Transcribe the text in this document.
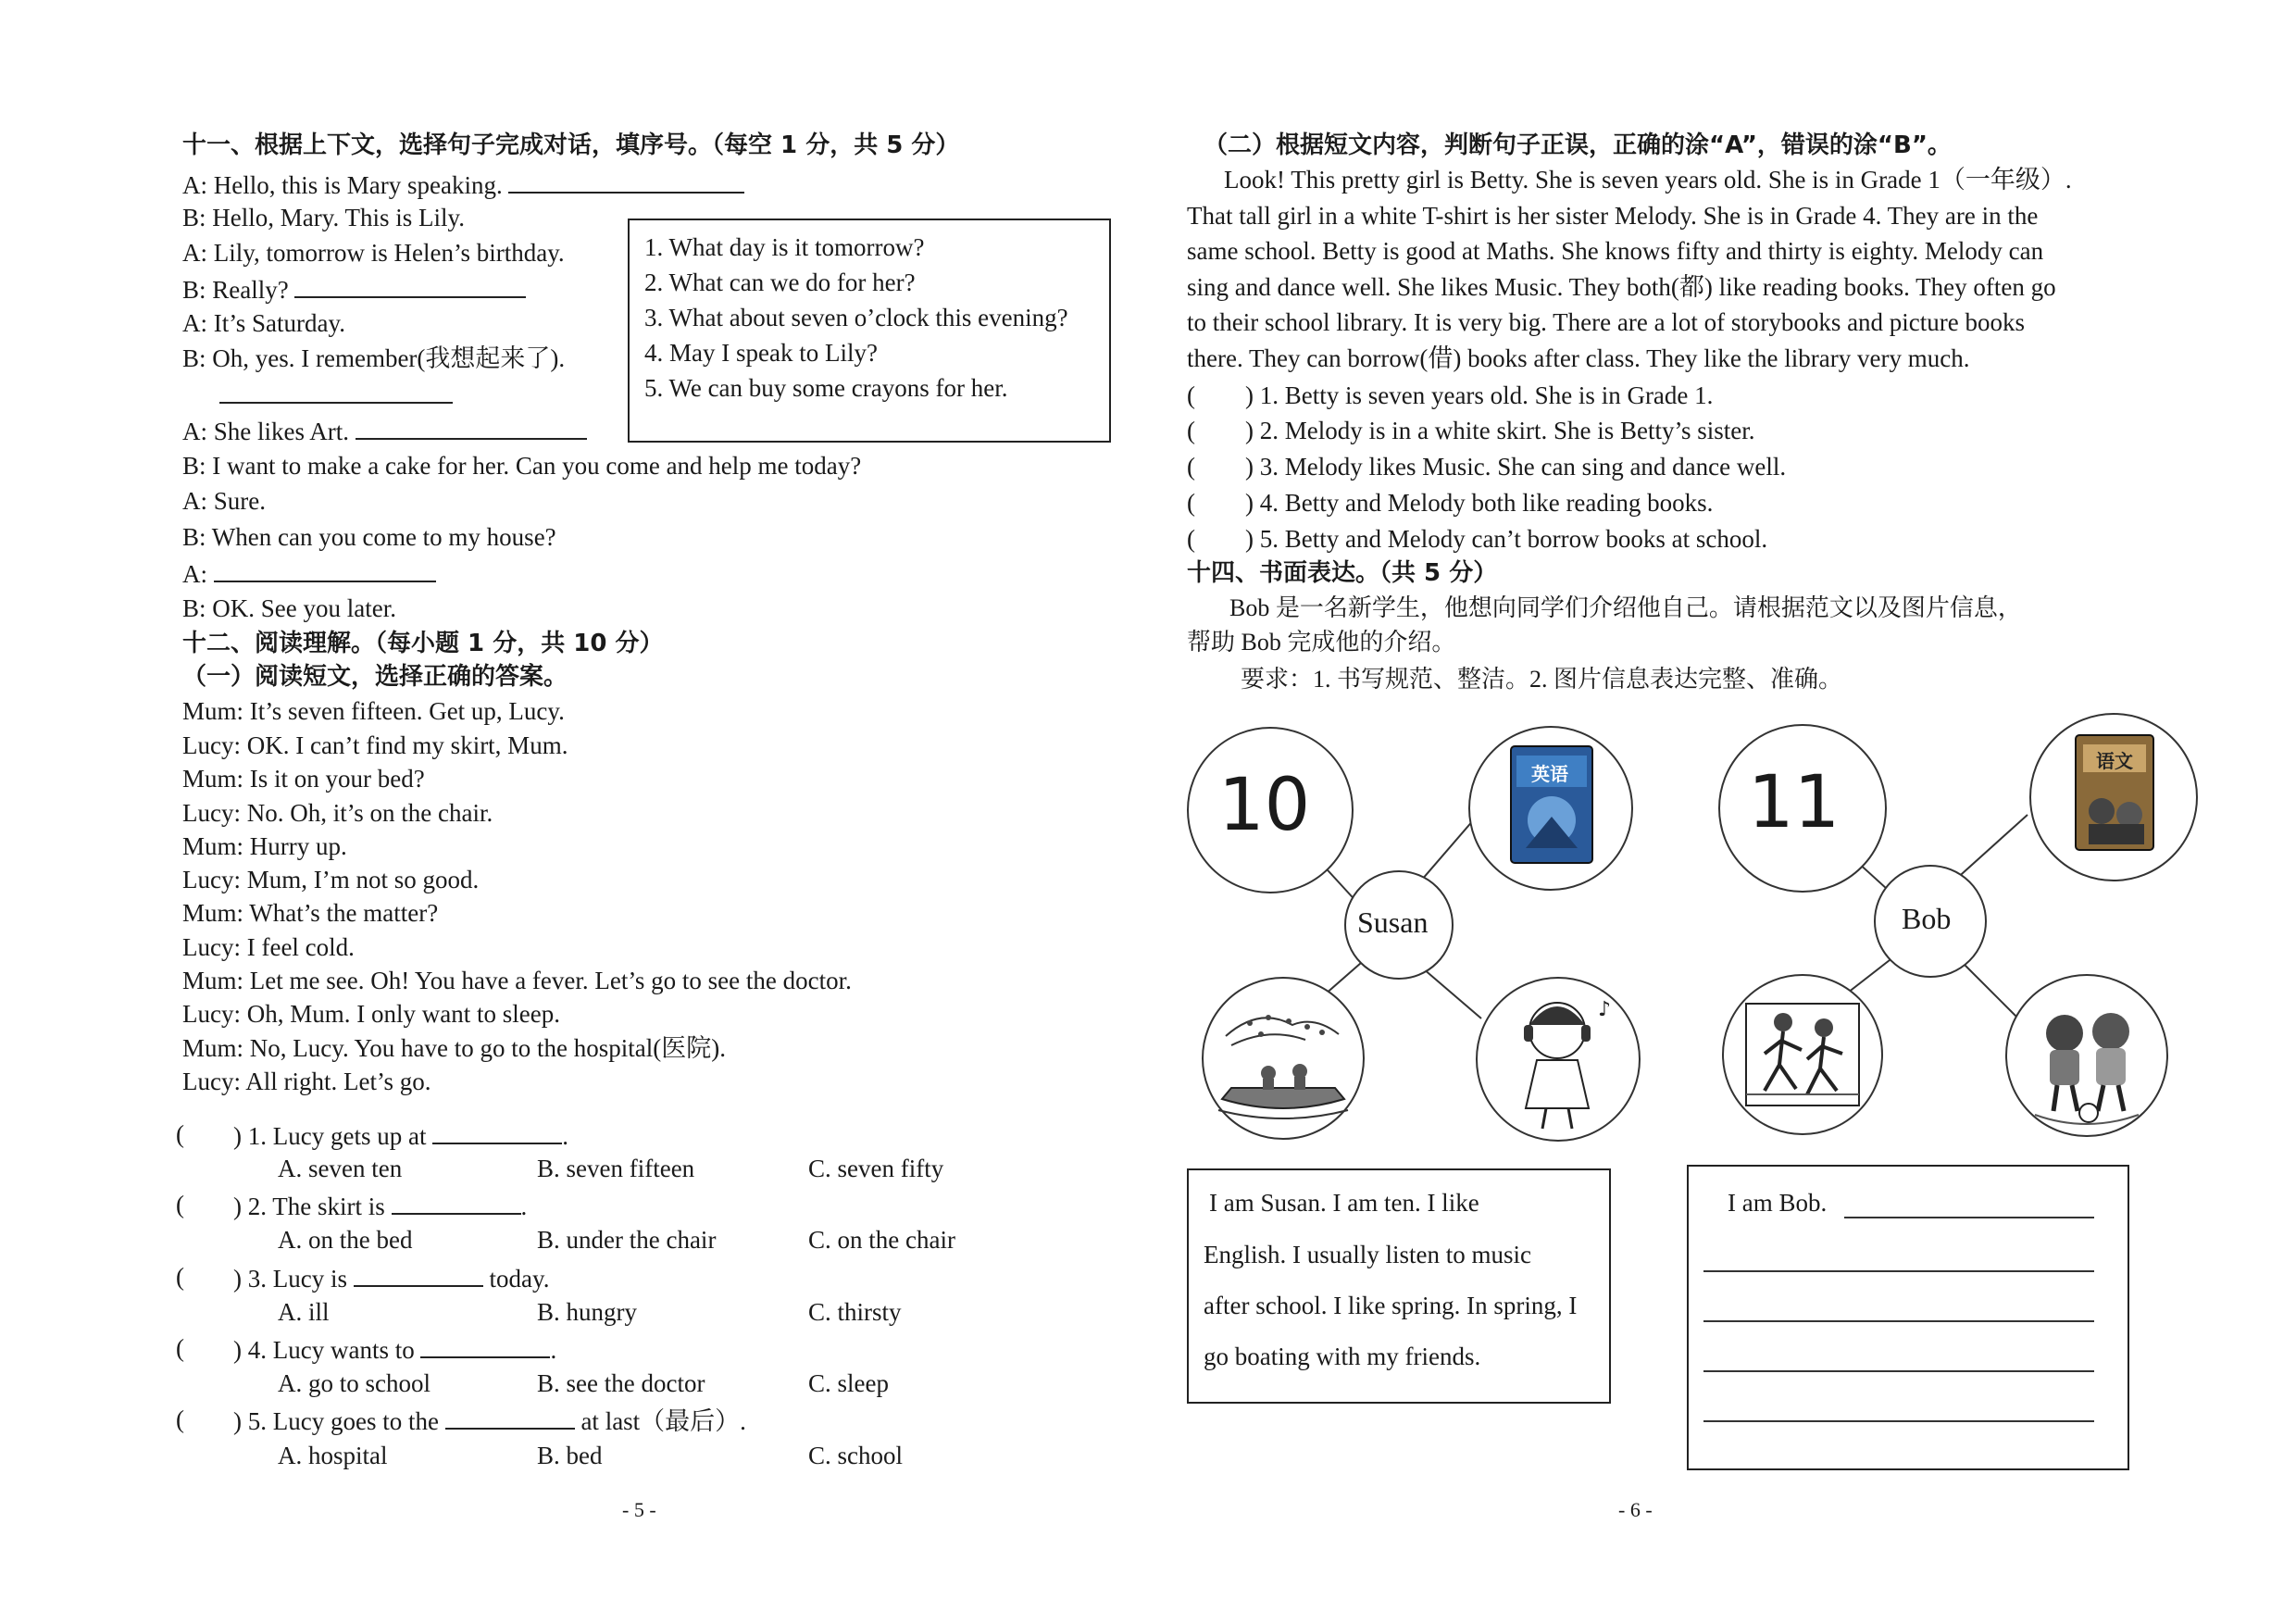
十一、根据上下文，选择句子完成对话，填序号。（每空 1 分，共 5 分）
A: Hello, this is Mary speaking.
B: Hello, Mary. This is Lily.
A: Lily, tomorrow is Helen’s birthday.
B: Really?
A: It’s Saturday.
B: Oh, yes. I remember(我想起来了).
A: She likes Art.
B: I want to make a cake for her. Can you come and help me today?
A: Sure.
B: When can you come to my house?
A:
B: OK. See you later.
1. What day is it tomorrow?
2. What can we do for her?
3. What about seven o’clock this evening?
4. May I speak to Lily?
5. We can buy some crayons for her.
十二、阅读理解。（每小题 1 分，共 10 分）
（一）阅读短文，选择正确的答案。
Mum: It’s seven fifteen. Get up, Lucy.
Lucy: OK. I can’t find my skirt, Mum.
Mum: Is it on your bed?
Lucy: No. Oh, it’s on the chair.
Mum: Hurry up.
Lucy: Mum, I’m not so good.
Mum: What’s the matter?
Lucy: I feel cold.
Mum: Let me see. Oh! You have a fever. Let’s go to see the doctor.
Lucy: Oh, Mum. I only want to sleep.
Mum: No, Lucy. You have to go to the hospital(医院).
Lucy: All right. Let’s go.
( ) 1. Lucy gets up at	.
A. seven ten	B. seven fifteen	C. seven fifty
( ) 2. The skirt is	.
A. on the bed	B. under the chair	C. on the chair
( ) 3. Lucy is	today.
A. ill	B. hungry	C. thirsty
( ) 4. Lucy wants to	.
A. go to school	B. see the doctor	C. sleep
( ) 5. Lucy goes to the	at last（最后）.
A. hospital	B. bed	C. school
- 5 -
（二）根据短文内容，判断句子正误，正确的涂“A”，错误的涂“B”。
Look! This pretty girl is Betty. She is seven years old. She is in Grade 1（一年级）.
That tall girl in a white T-shirt is her sister Melody. She is in Grade 4. They are in the
same school. Betty is good at Maths. She knows fifty and thirty is eighty. Melody can
sing and dance well. She likes Music. They both(都) like reading books. They often go
to their school library. It is very big. There are a lot of storybooks and picture books
there. They can borrow(借) books after class. They like the library very much.
(　　) 1. Betty is seven years old. She is in Grade 1.
(　　) 2. Melody is in a white skirt. She is Betty’s sister.
(　　) 3. Melody likes Music. She can sing and dance well.
(　　) 4. Betty and Melody both like reading books.
(　　) 5. Betty and Melody can’t borrow books at school.
十四、书面表达。（共 5 分）
Bob 是一名新学生，他想向同学们介绍他自己。请根据范文以及图片信息，
帮助 Bob 完成他的介绍。
要求：1. 书写规范、整洁。2. 图片信息表达完整、准确。
10	英语
Susan
♪
11	语文
Bob
I am Susan. I am ten. I like
English. I usually listen to music
after school. I like spring. In spring, I
go boating with my friends.
I am Bob.
- 6 -
